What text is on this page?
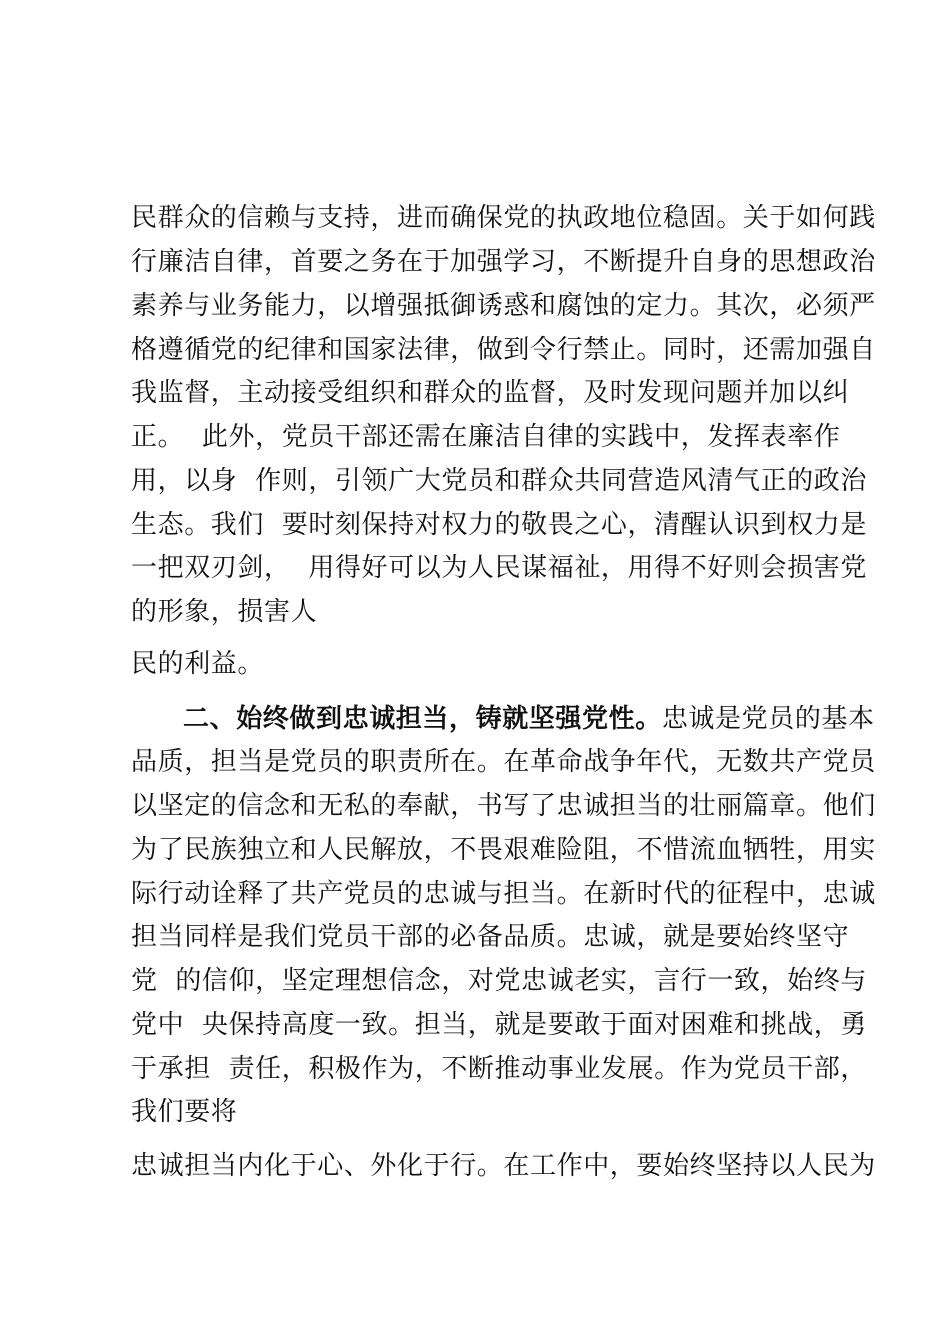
民群众的信赖与支持，进而确保党的执政地位稳固。关于如何践
行廉洁自律，首要之务在于加强学习，不断提升自身的思想政治
素养与业务能力，以增强抵御诱惑和腐蚀的定力。其次，必须严
格遵循党的纪律和国家法律，做到令行禁止。同时，还需加强自
我监督，主动接受组织和群众的监督，及时发现问题并加以纠
正。  此外，党员干部还需在廉洁自律的实践中，发挥表率作
用，以身  作则，引领广大党员和群众共同营造风清气正的政治
生态。我们  要时刻保持对权力的敬畏之心，清醒认识到权力是
一把双刃剑，  用得好可以为人民谋福祉，用得不好则会损害党
的形象，损害人
民的利益。
二、始终做到忠诚担当，铸就坚强党性。忠诚是党员的基本
品质，担当是党员的职责所在。在革命战争年代，无数共产党员
以坚定的信念和无私的奉献，书写了忠诚担当的壮丽篇章。他们
为了民族独立和人民解放，不畏艰难险阻，不惜流血牺牲，用实
际行动诠释了共产党员的忠诚与担当。在新时代的征程中，忠诚
担当同样是我们党员干部的必备品质。忠诚，就是要始终坚守
党  的信仰，坚定理想信念，对党忠诚老实，言行一致，始终与
党中  央保持高度一致。担当，就是要敢于面对困难和挑战，勇
于承担  责任，积极作为，不断推动事业发展。作为党员干部，
我们要将
忠诚担当内化于心、外化于行。在工作中，要始终坚持以人民为
